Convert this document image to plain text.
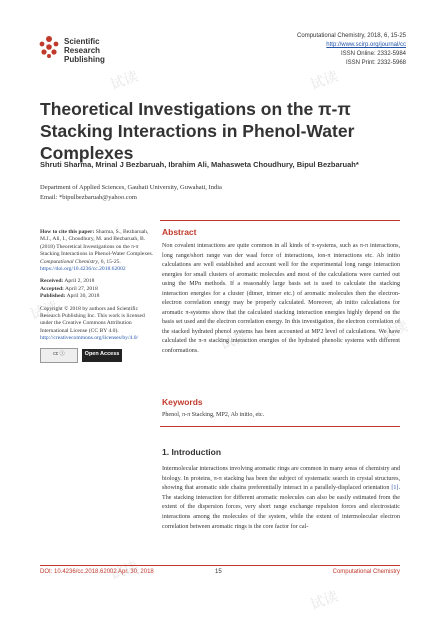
试读	试读
试读
试读	试读
试读
试读
Scientific
Research
Publishing
Computational Chemistry, 2018, 6, 15-25
http://www.scirp.org/journal/cc
ISSN Online: 2332-5984
ISSN Print: 2332-5968
Theoretical Investigations on the π-π Stacking Interactions in Phenol-Water Complexes
Shruti Sharma, Mrinal J Bezbaruah, Ibrahim Ali, Mahasweta Choudhury, Bipul Bezbaruah*
Department of Applied Sciences, Gauhati University, Guwahati, India
Email: *bipulbezbaruah@yahoo.com

How to cite this paper: Sharma, S., Bezbaruah, M.J., Ali, I., Choudhury, M. and Bezbaruah, B. (2018) Theoretical Investigations on the π-π Stacking Interactions in Phenol-Water Complexes. Computational Chemistry, 6, 15-25.
https://doi.org/10.4236/cc.2018.62002

Received: April 2, 2018
Accepted: April 27, 2018
Published: April 30, 2018

Copyright © 2018 by authors and Scientific Research Publishing Inc. This work is licensed under the Creative Commons Attribution International License (CC BY 4.0).
http://creativecommons.org/licenses/by/4.0/

cc ⓘ	Open Access
Abstract
Non covalent interactions are quite common in all kinds of π-systems, such as π-π interactions, long range/short range van der waal force of interactions, ion-π interactions etc. Ab initio calculations are well established and account well for the experimental long range interaction energies for small clusters of aromatic molecules and most of the calculations were carried out using the MPn methods. If a reasonably large basis set is used to calculate the stacking interaction energies for a cluster (dimer, trimer etc.) of aromatic molecules then the electron-electron correlation energy may be properly calculated. Moreover, ab initio calculations for aromatic π-systems show that the calculated stacking interaction energies highly depend on the basis set used and the electron correlation energy. In this investigation, the electron correlation of the stacked hydrated phenol systems has been accounted at MP2 level of calculations. We have calculated the π-π stacking interaction energies of the hydrated phenolic systems with different conformations.
Keywords
Phenol, π-π Stacking, MP2, Ab initio, etc.
1. Introduction
Intermolecular interactions involving aromatic rings are common in many areas of chemistry and biology. In proteins, π-π stacking has been the subject of systematic search in crystal structures, showing that aromatic side chains preferentially interact in a parallely-displaced orientation [1]. The stacking interaction for different aromatic molecules can also be easily estimated from the extent of the dispersion forces, very short range exchange repulsion forces and electrostatic interactions among the molecules of the system, while the extent of intermolecular electron correlation between aromatic rings is the core factor for cal-
DOI: 10.4236/cc.2018.62002 Apr. 30, 2018	15	Computational Chemistry
